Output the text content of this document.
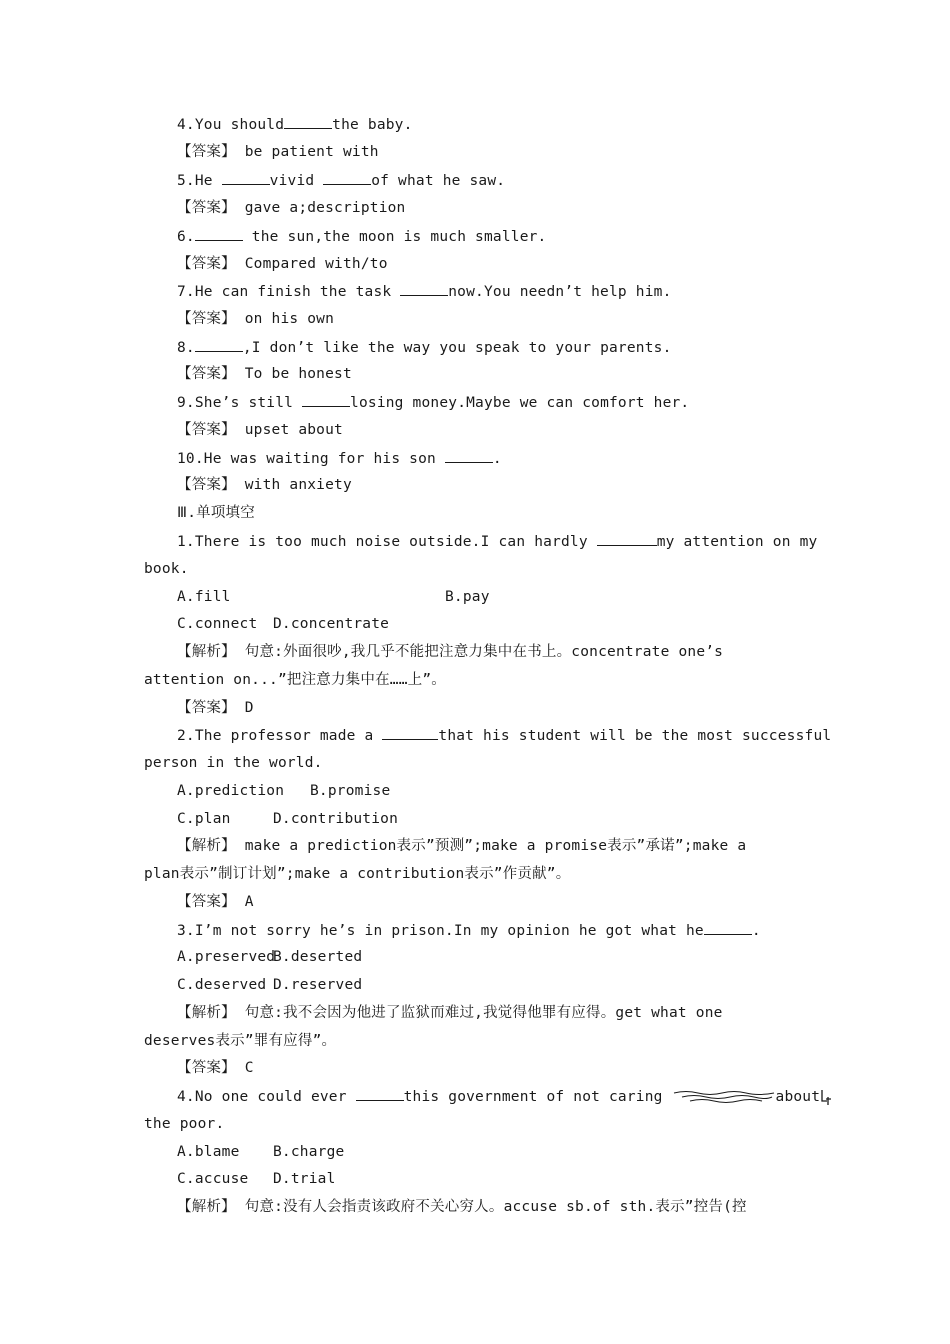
4.You should	the baby.
【答案】 be patient with
5.He	vivid	of what he saw.
【答案】 gave a;description
6.	the sun,the moon is much smaller.
【答案】 Compared with/to
7.He can finish the task	now.You needn’t help him.
【答案】 on his own
8.	,I don’t like the way you speak to your parents.
【答案】 To be honest
9.She’s still	losing money.Maybe we can comfort her.
【答案】 upset about
10.He was waiting for his son	.
【答案】 with anxiety
Ⅲ.单项填空
1.There is too much noise outside.I can hardly	my attention on my
book.
A.fill	B.pay
C.connect D.concentrate
【解析】 句意:外面很吵,我几乎不能把注意力集中在书上。concentrate one’s
attention on...”把注意力集中在……上”。
【答案】 D
2.The professor made a	that his student will be the most successful
person in the world.
A.prediction B.promise
C.plan	D.contribution
【解析】 make a prediction表示”预测”;make a promise表示”承诺”;make a
plan表示”制订计划”;make a contribution表示”作贡献”。
【答案】 A
3.I’m not sorry he’s in prison.In my opinion he got what he	.
A.preserved
B.deserted
C.deserved D.reserved
【解析】 句意:我不会因为他进了监狱而难过,我觉得他罪有应得。get what one
deserves表示”罪有应得”。
【答案】 C
4.No one could ever	this government of not caring	about
the poor.
A.blame B.charge
C.accuse D.trial
【解析】 句意:没有人会指责该政府不关心穷人。accuse sb.of sth.表示”控告(控
